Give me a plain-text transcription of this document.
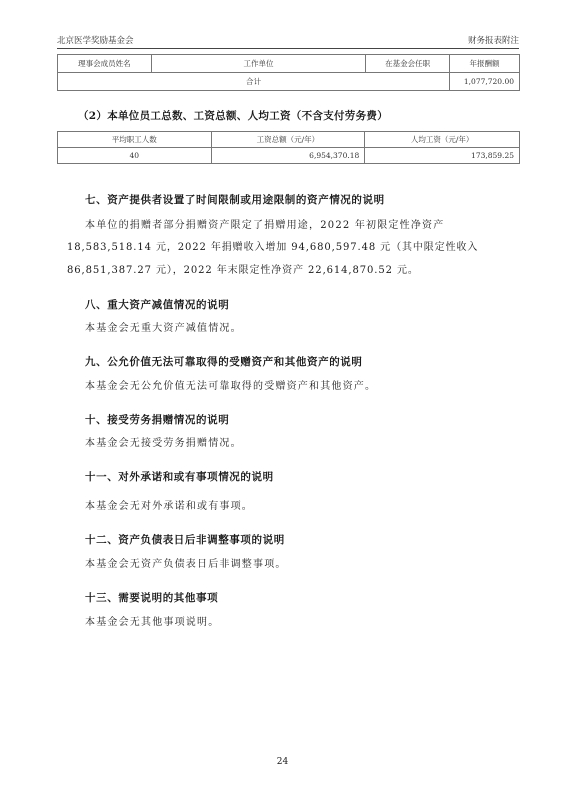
北京医学奖励基金会	财务报表附注
理事会成员姓名	工作单位	在基金会任职	年报酬额
合计			1,077,720.00
（2）本单位员工总数、工资总额、人均工资（不含支付劳务费）
平均职工人数	工资总额（元/年）	人均工资（元/年）
40	6,954,370.18	173,859.25
七、资产提供者设置了时间限制或用途限制的资产情况的说明
本单位的捐赠者部分捐赠资产限定了捐赠用途，2022 年初限定性净资产
18,583,518.14 元，2022 年捐赠收入增加 94,680,597.48 元（其中限定性收入
86,851,387.27 元），2022 年末限定性净资产 22,614,870.52 元。
八、重大资产减值情况的说明
本基金会无重大资产减值情况。
九、公允价值无法可靠取得的受赠资产和其他资产的说明
本基金会无公允价值无法可靠取得的受赠资产和其他资产。
十、接受劳务捐赠情况的说明
本基金会无接受劳务捐赠情况。
十一、对外承诺和或有事项情况的说明
本基金会无对外承诺和或有事项。
十二、资产负债表日后非调整事项的说明
本基金会无资产负债表日后非调整事项。
十三、需要说明的其他事项
本基金会无其他事项说明。
24
